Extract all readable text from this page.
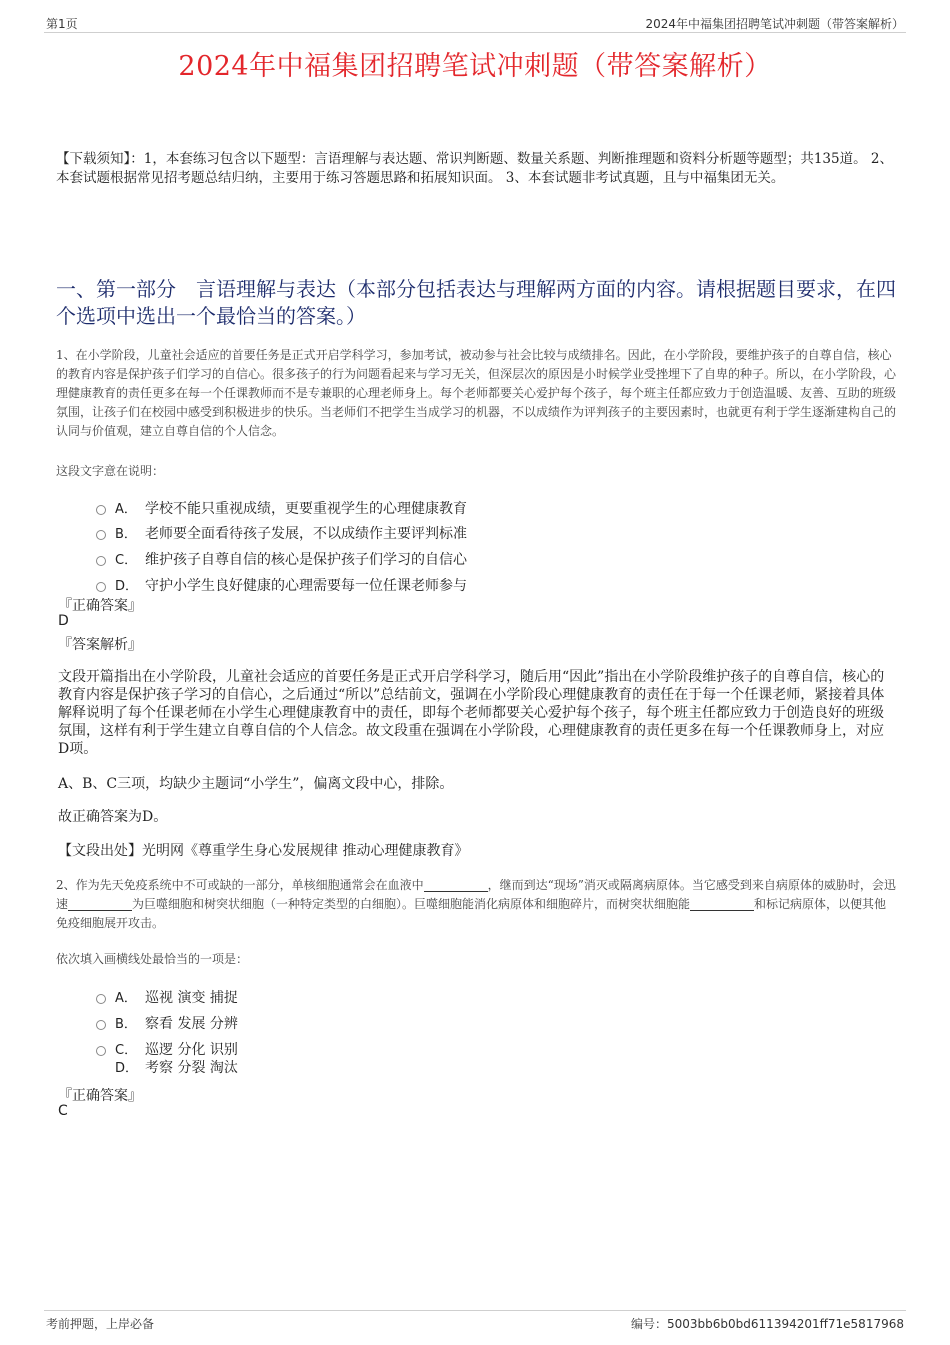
第1页	2024年中福集团招聘笔试冲刺题（带答案解析）
2024年中福集团招聘笔试冲刺题（带答案解析）
【下载须知】：1，本套练习包含以下题型：言语理解与表达题、常识判断题、数量关系题、判断推理题和资料分析题等题型；共135道。 2、本套试题根据常见招考题总结归纳，主要用于练习答题思路和拓展知识面。 3、本套试题非考试真题，且与中福集团无关。
一、第一部分　言语理解与表达（本部分包括表达与理解两方面的内容。请根据题目要求，在四个选项中选出一个最恰当的答案。）
1、在小学阶段，儿童社会适应的首要任务是正式开启学科学习，参加考试，被动参与社会比较与成绩排名。因此，在小学阶段，要维护孩子的自尊自信，核心的教育内容是保护孩子们学习的自信心。很多孩子的行为问题看起来与学习无关，但深层次的原因是小时候学业受挫埋下了自卑的种子。所以，在小学阶段，心理健康教育的责任更多在每一个任课教师而不是专兼职的心理老师身上。每个老师都要关心爱护每个孩子，每个班主任都应致力于创造温暖、友善、互助的班级氛围，让孩子们在校园中感受到积极进步的快乐。当老师们不把学生当成学习的机器，不以成绩作为评判孩子的主要因素时，也就更有利于学生逐渐建构自己的认同与价值观，建立自尊自信的个人信念。
这段文字意在说明：
A． 学校不能只重视成绩，更要重视学生的心理健康教育
B． 老师要全面看待孩子发展，不以成绩作主要评判标准
C． 维护孩子自尊自信的核心是保护孩子们学习的自信心
D． 守护小学生良好健康的心理需要每一位任课老师参与
『正确答案』
D
『答案解析』
文段开篇指出在小学阶段，儿童社会适应的首要任务是正式开启学科学习，随后用“因此”指出在小学阶段维护孩子的自尊自信，核心的教育内容是保护孩子学习的自信心，之后通过“所以”总结前文，强调在小学阶段心理健康教育的责任在于每一个任课老师，紧接着具体解释说明了每个任课老师在小学生心理健康教育中的责任，即每个老师都要关心爱护每个孩子，每个班主任都应致力于创造良好的班级氛围，这样有利于学生建立自尊自信的个人信念。故文段重在强调在小学阶段，心理健康教育的责任更多在每一个任课教师身上，对应D项。
A、B、C三项，均缺少主题词“小学生”，偏离文段中心，排除。
故正确答案为D。
【文段出处】光明网《尊重学生身心发展规律 推动心理健康教育》
2、作为先天免疫系统中不可或缺的一部分，单核细胞通常会在血液中	，继而到达“现场”消灭或隔离病原体。当它感受到来自病原体的威胁时，会迅速	为巨噬细胞和树突状细胞（一种特定类型的白细胞）。巨噬细胞能消化病原体和细胞碎片，而树突状细胞能	和标记病原体，以便其他免疫细胞展开攻击。
依次填入画横线处最恰当的一项是：
A． 巡视 演变 捕捉
B． 察看 发展 分辨
C． 巡逻 分化 识别
D． 考察 分裂 淘汰
『正确答案』
C
考前押题，上岸必备	编号：5003bb6b0bd611394201ff71e5817968
